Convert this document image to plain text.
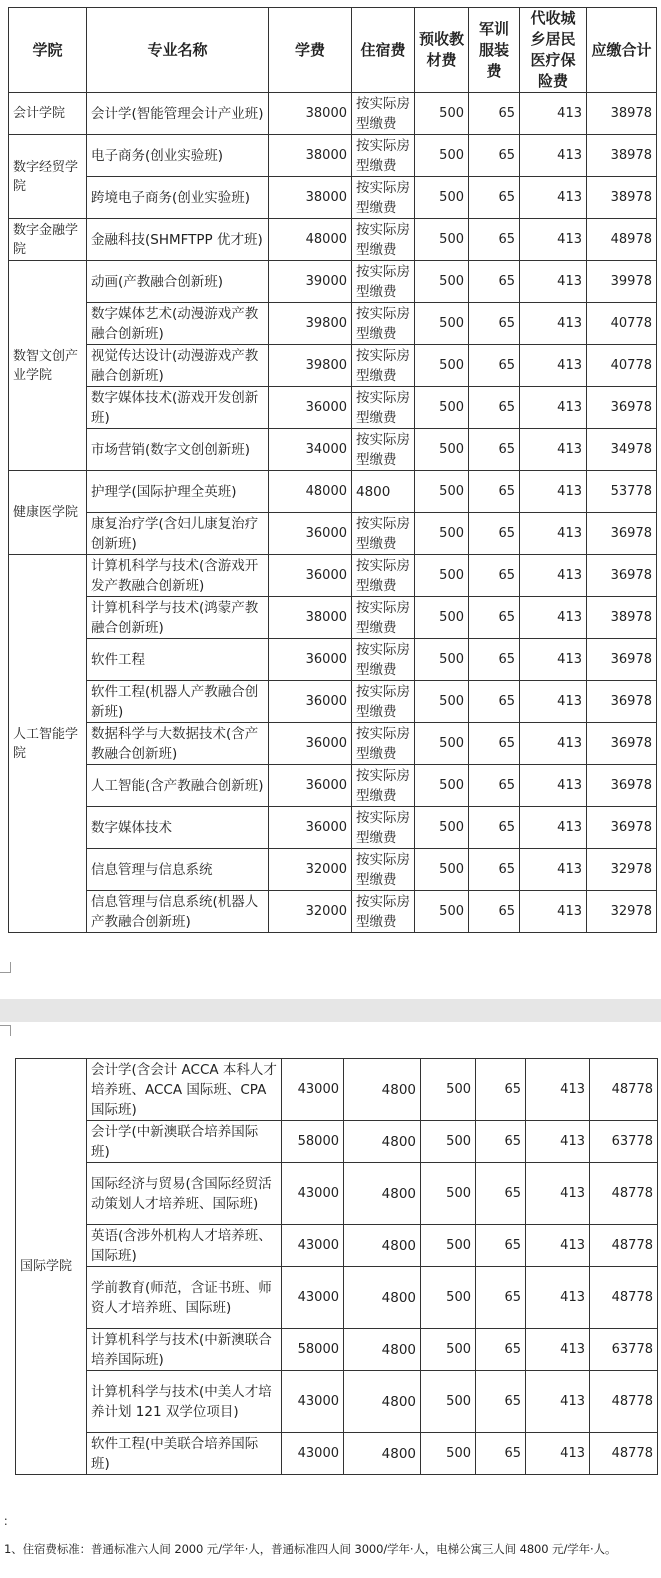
学院	专业名称	学费	住宿费	预收教材费	军训服装费	代收城乡居民医疗保险费	应缴合计
会计学院	会计学(智能管理会计产业班)	38000	按实际房型缴费	500	65	413	38978
数字经贸学院	电子商务(创业实验班)	38000	按实际房型缴费	500	65	413	38978
	跨境电子商务(创业实验班)	38000	按实际房型缴费	500	65	413	38978
数字金融学院	金融科技(SHMFTPP 优才班)	48000	按实际房型缴费	500	65	413	48978
数智文创产业学院	动画(产教融合创新班)	39000	按实际房型缴费	500	65	413	39978
	数字媒体艺术(动漫游戏产教融合创新班)	39800	按实际房型缴费	500	65	413	40778
	视觉传达设计(动漫游戏产教融合创新班)	39800	按实际房型缴费	500	65	413	40778
	数字媒体技术(游戏开发创新班)	36000	按实际房型缴费	500	65	413	36978
	市场营销(数字文创创新班)	34000	按实际房型缴费	500	65	413	34978
健康医学院	护理学(国际护理全英班)	48000	4800	500	65	413	53778
	康复治疗学(含妇儿康复治疗创新班)	36000	按实际房型缴费	500	65	413	36978
人工智能学院	计算机科学与技术(含游戏开发产教融合创新班)	36000	按实际房型缴费	500	65	413	36978
	计算机科学与技术(鸿蒙产教融合创新班)	38000	按实际房型缴费	500	65	413	38978
	软件工程	36000	按实际房型缴费	500	65	413	36978
	软件工程(机器人产教融合创新班)	36000	按实际房型缴费	500	65	413	36978
	数据科学与大数据技术(含产教融合创新班)	36000	按实际房型缴费	500	65	413	36978
	人工智能(含产教融合创新班)	36000	按实际房型缴费	500	65	413	36978
	数字媒体技术	36000	按实际房型缴费	500	65	413	36978
	信息管理与信息系统	32000	按实际房型缴费	500	65	413	32978
	信息管理与信息系统(机器人产教融合创新班)	32000	按实际房型缴费	500	65	413	32978
国际学院	会计学(含会计 ACCA 本科人才培养班、ACCA 国际班、CPA 国际班)	43000	4800	500	65	413	48778
	会计学(中新澳联合培养国际班)	58000	4800	500	65	413	63778
	国际经济与贸易(含国际经贸活动策划人才培养班、国际班)	43000	4800	500	65	413	48778
	英语(含涉外机构人才培养班、国际班)	43000	4800	500	65	413	48778
	学前教育(师范，含证书班、师资人才培养班、国际班)	43000	4800	500	65	413	48778
	计算机科学与技术(中新澳联合培养国际班)	58000	4800	500	65	413	63778
	计算机科学与技术(中美人才培养计划 121 双学位项目)	43000	4800	500	65	413	48778
	软件工程(中美联合培养国际班)	43000	4800	500	65	413	48778
：
1、住宿费标准：普通标准六人间 2000 元/学年·人，普通标准四人间 3000/学年·人，电梯公寓三人间 4800 元/学年·人。
